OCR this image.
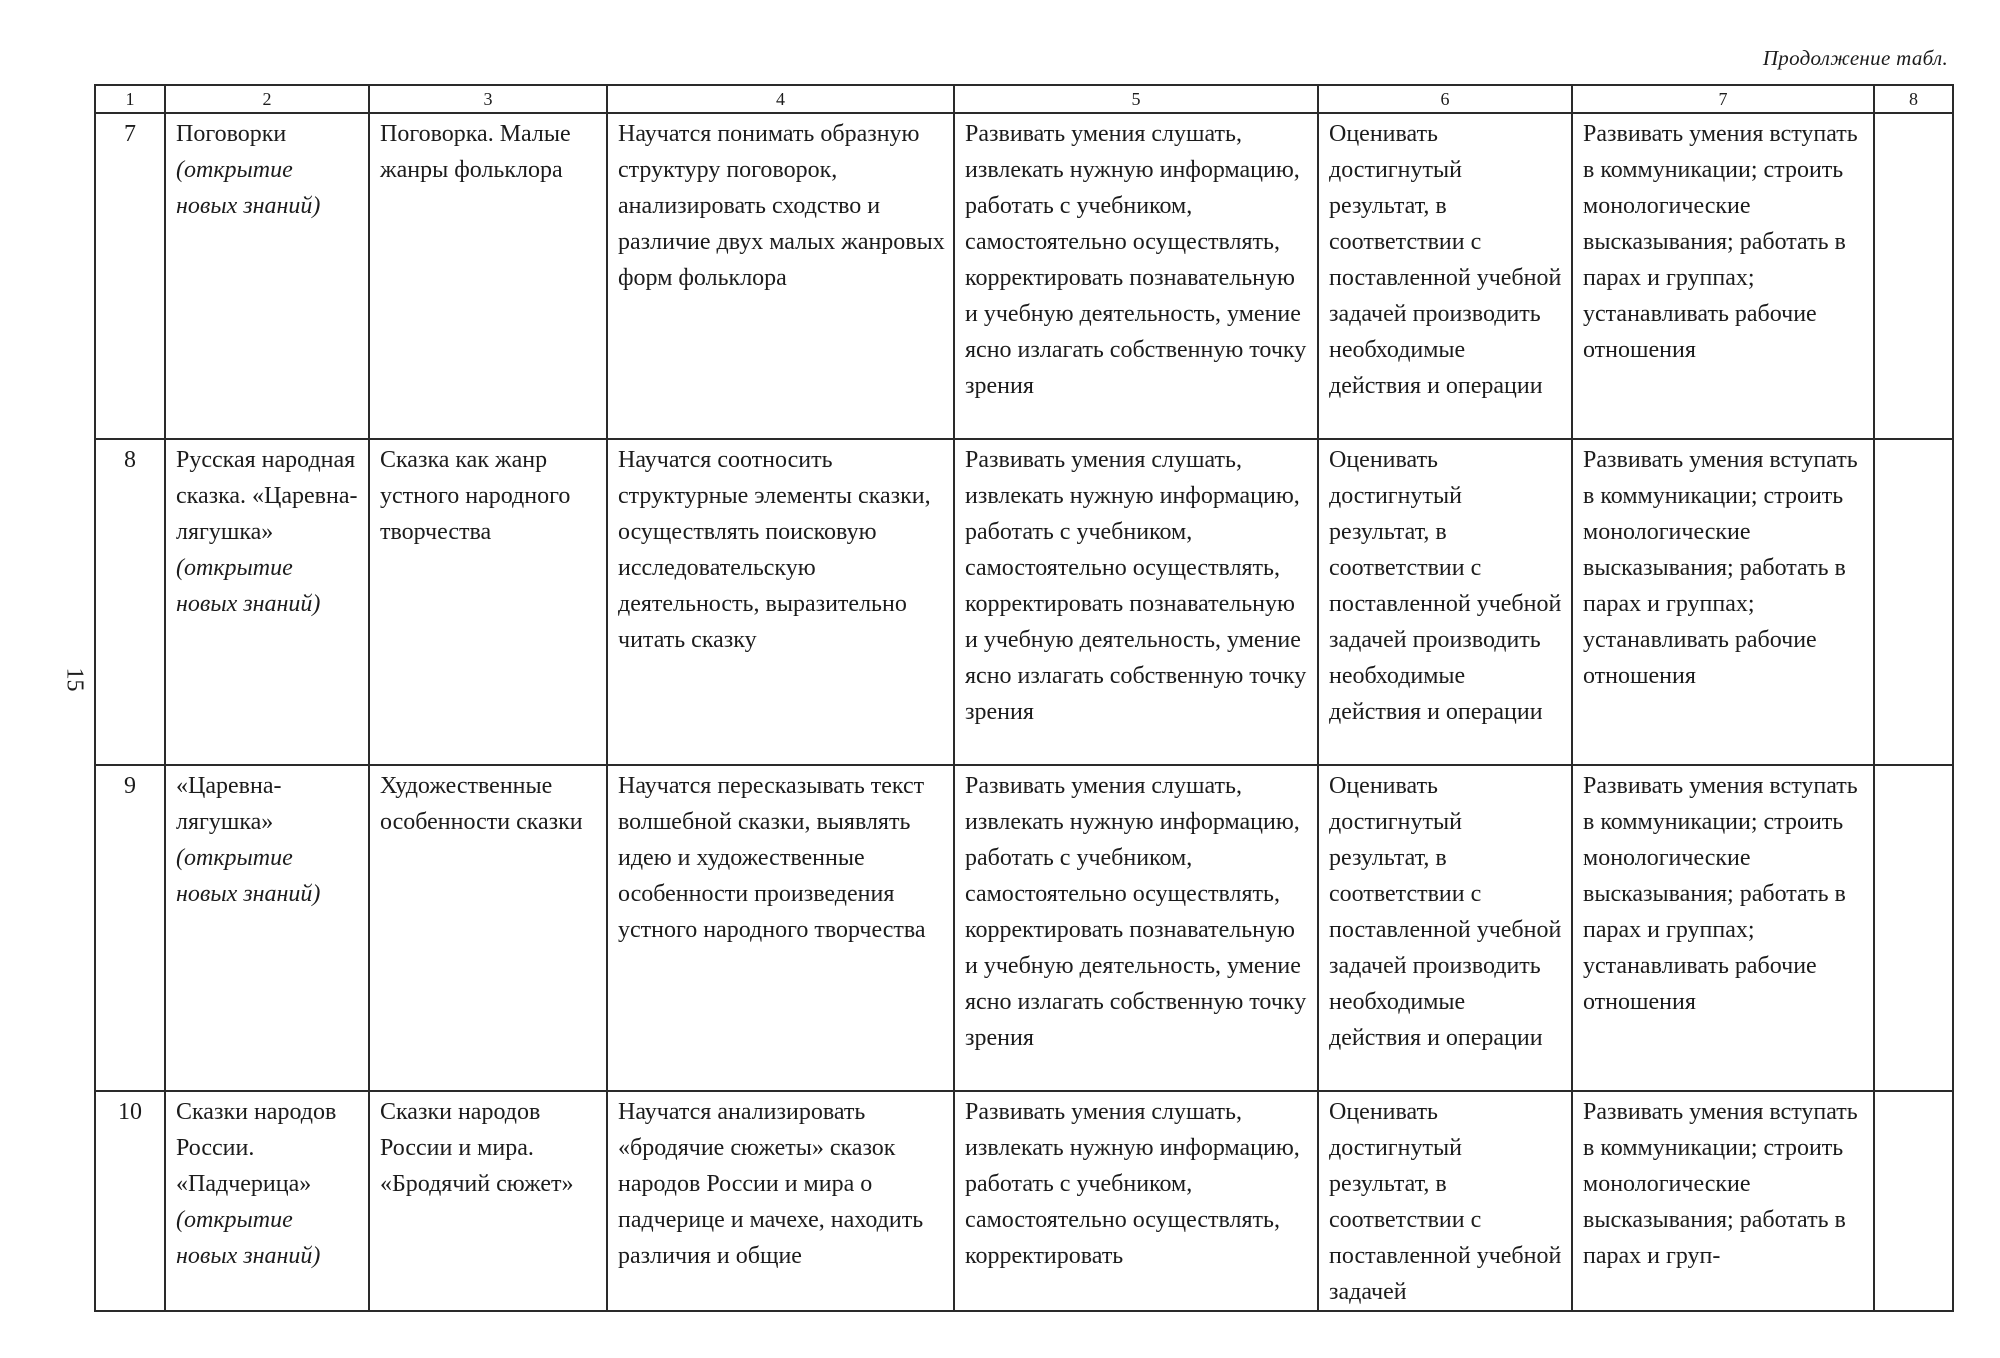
Продолжение табл.
15
1	2	3	4	5	6	7	8
7	Поговорки (открытие новых знаний)	Поговорка. Малые жанры фольклора	Научатся понимать образную структуру поговорок, анализировать сходство и различие двух малых жанровых форм фольклора	Развивать умения слушать, извлекать нужную информацию, работать с учебником, самостоятельно осуществлять, корректировать познавательную и учебную деятельность, умение ясно излагать собственную точку зрения	Оценивать достигнутый результат, в соответствии с поставленной учебной задачей производить необходимые действия и операции	Развивать умения вступать в коммуникации; строить монологические высказывания; работать в парах и группах; устанавливать рабочие отношения	
8	Русская народная сказка. «Царевна-лягушка» (открытие новых знаний)	Сказка как жанр устного народного творчества	Научатся соотносить структурные элементы сказки, осуществлять поисковую исследовательскую деятельность, выразительно читать сказку	Развивать умения слушать, извлекать нужную информацию, работать с учебником, самостоятельно осуществлять, корректировать познавательную и учебную деятельность, умение ясно излагать собственную точку зрения	Оценивать достигнутый результат, в соответствии с поставленной учебной задачей производить необходимые действия и операции	Развивать умения вступать в коммуникации; строить монологические высказывания; работать в парах и группах; устанавливать рабочие отношения	
9	«Царевна-лягушка» (открытие новых знаний)	Художественные особенности сказки	Научатся пересказывать текст волшебной сказки, выявлять идею и художественные особенности произведения устного народного творчества	Развивать умения слушать, извлекать нужную информацию, работать с учебником, самостоятельно осуществлять, корректировать познавательную и учебную деятельность, умение ясно излагать собственную точку зрения	Оценивать достигнутый результат, в соответствии с поставленной учебной задачей производить необходимые действия и операции	Развивать умения вступать в коммуникации; строить монологические высказывания; работать в парах и группах; устанавливать рабочие отношения	
10	Сказки народов России. «Падчерица» (открытие новых знаний)	Сказки народов России и мира. «Бродячий сюжет»	Научатся анализировать «бродячие сюжеты» сказок народов России и мира о падчерице и мачехе, находить различия и общие	Развивать умения слушать, извлекать нужную информацию, работать с учебником, самостоятельно осуществлять, корректировать	Оценивать достигнутый результат, в соответствии с поставленной учебной задачей	Развивать умения вступать в коммуникации; строить монологические высказывания; работать в парах и груп-	
